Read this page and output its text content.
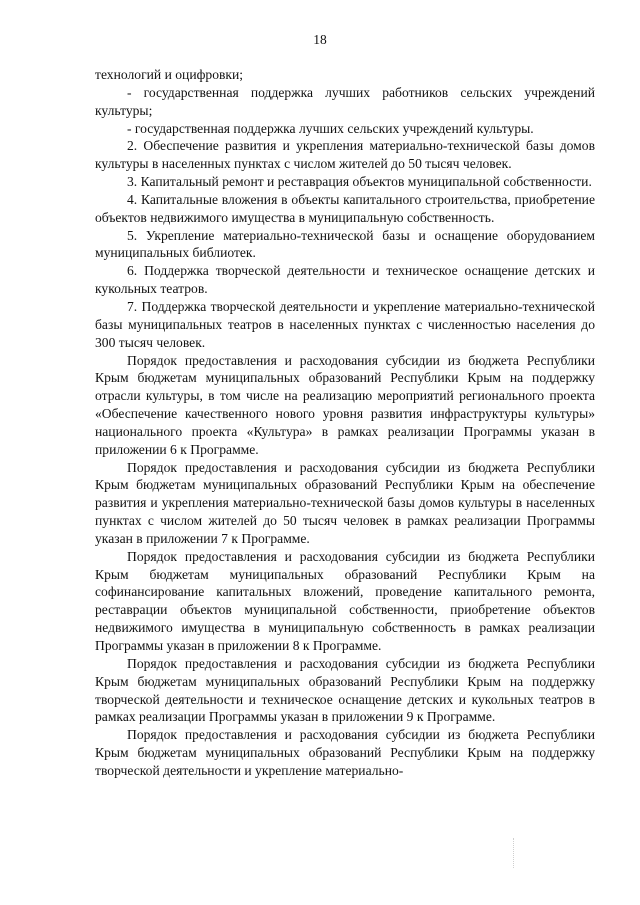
18

технологий и оцифровки;

- государственная поддержка лучших работников сельских учреждений культуры;

- государственная поддержка лучших сельских учреждений культуры.

2. Обеспечение развития и укрепления материально-технической базы домов культуры в населенных пунктах с числом жителей до 50 тысяч человек.

3. Капитальный ремонт и реставрация объектов муниципальной собственности.

4. Капитальные вложения в объекты капитального строительства, приобретение объектов недвижимого имущества в муниципальную собственность.

5. Укрепление материально-технической базы и оснащение оборудованием муниципальных библиотек.

6. Поддержка творческой деятельности и техническое оснащение детских и кукольных театров.

7. Поддержка творческой деятельности и укрепление материально-технической базы муниципальных театров в населенных пунктах с численностью населения до 300 тысяч человек.

Порядок предоставления и расходования субсидии из бюджета Республики Крым бюджетам муниципальных образований Республики Крым на поддержку отрасли культуры, в том числе на реализацию мероприятий регионального проекта «Обеспечение качественного нового уровня развития инфраструктуры культуры» национального проекта «Культура» в рамках реализации Программы указан в приложении 6 к Программе.

Порядок предоставления и расходования субсидии из бюджета Республики Крым бюджетам муниципальных образований Республики Крым на обеспечение развития и укрепления материально-технической базы домов культуры в населенных пунктах с числом жителей до 50 тысяч человек в рамках реализации Программы указан в приложении 7 к Программе.

Порядок предоставления и расходования субсидии из бюджета Республики Крым бюджетам муниципальных образований Республики Крым на софинансирование капитальных вложений, проведение капитального ремонта, реставрации объектов муниципальной собственности, приобретение объектов недвижимого имущества в муниципальную собственность в рамках реализации Программы указан в приложении 8 к Программе.

Порядок предоставления и расходования субсидии из бюджета Республики Крым бюджетам муниципальных образований Республики Крым на поддержку творческой деятельности и техническое оснащение детских и кукольных театров в рамках реализации Программы указан в приложении 9 к Программе.

Порядок предоставления и расходования субсидии из бюджета Республики Крым бюджетам муниципальных образований Республики Крым на поддержку творческой деятельности и укрепление материально-
